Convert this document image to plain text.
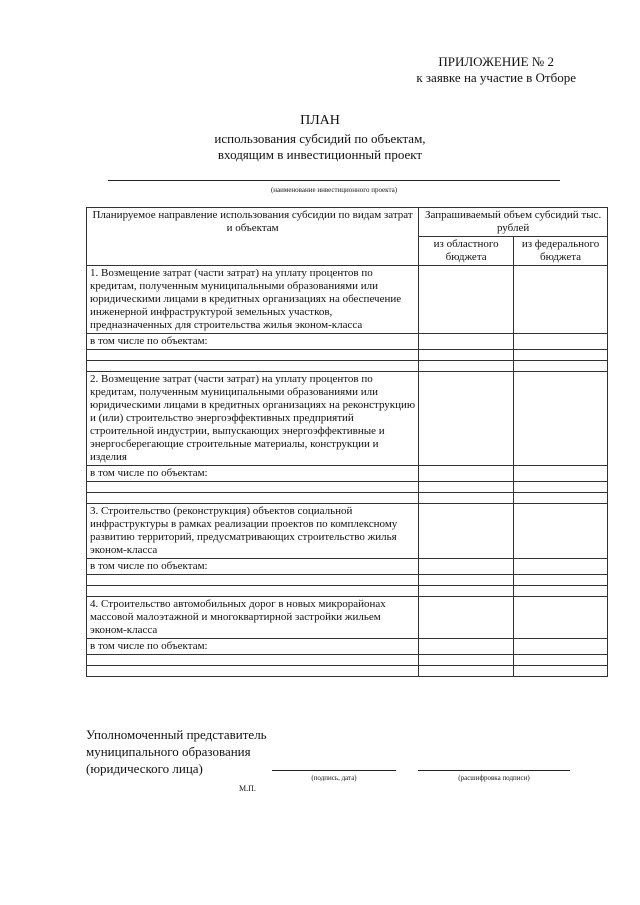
ПРИЛОЖЕНИЕ № 2
к заявке на участие в Отборе
ПЛАН
использования субсидий по объектам,
входящим в инвестиционный проект
(наименование инвестиционного проекта)
Планируемое направление использования субсидии по видам затрат и объектам	Запрашиваемый объем субсидий тыс. рублей	
	из областного бюджета	из федерального бюджета
1. Возмещение затрат (части затрат) на уплату процентов по кредитам, полученным муниципальными образованиями или юридическими лицами в кредитных организациях на обеспечение инженерной инфраструктурой земельных участков, предназначенных для строительства жилья эконом-класса		
в том числе по объектам:		

2. Возмещение затрат (части затрат) на уплату процентов по кредитам, полученным муниципальными образованиями или юридическими лицами в кредитных организациях на реконструкцию и (или) строительство энергоэффективных предприятий строительной индустрии, выпускающих энергоэффективные и энергосберегающие строительные материалы, конструкции и изделия		
в том числе по объектам:		

3. Строительство (реконструкция) объектов социальной инфраструктуры в рамках реализации проектов по комплексному развитию территорий, предусматривающих строительство жилья эконом-класса		
в том числе по объектам:		

4. Строительство автомобильных дорог в новых микрорайонах массовой малоэтажной и многоквартирной застройки жильем эконом-класса		
в том числе по объектам:		

Уполномоченный представитель
муниципального образования
(юридического лица)
(подпись, дата)	(расшифровка подписи)
М.П.
